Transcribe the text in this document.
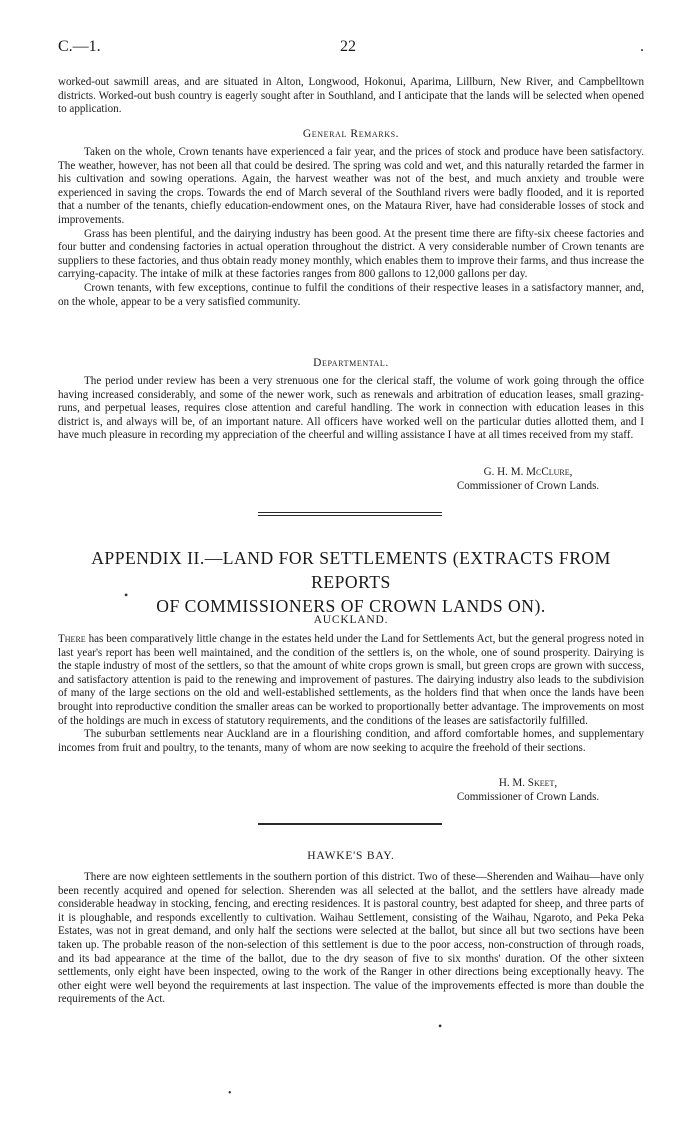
C.—1.	22	.

worked-out sawmill areas, and are situated in Alton, Longwood, Hokonui, Aparima, Lillburn, New River, and Campbelltown districts. Worked-out bush country is eagerly sought after in Southland, and I anticipate that the lands will be selected when opened to application.

General Remarks.

Taken on the whole, Crown tenants have experienced a fair year, and the prices of stock and produce have been satisfactory. The weather, however, has not been all that could be desired. The spring was cold and wet, and this naturally retarded the farmer in his cultivation and sowing operations. Again, the harvest weather was not of the best, and much anxiety and trouble were experienced in saving the crops. Towards the end of March several of the Southland rivers were badly flooded, and it is reported that a number of the tenants, chiefly education-endowment ones, on the Mataura River, have had considerable losses of stock and improvements.

Grass has been plentiful, and the dairying industry has been good. At the present time there are fifty-six cheese factories and four butter and condensing factories in actual operation throughout the district. A very considerable number of Crown tenants are suppliers to these factories, and thus obtain ready money monthly, which enables them to improve their farms, and thus increase the carrying-capacity. The intake of milk at these factories ranges from 800 gallons to 12,000 gallons per day.

Crown tenants, with few exceptions, continue to fulfil the conditions of their respective leases in a satisfactory manner, and, on the whole, appear to be a very satisfied community.

Departmental.

The period under review has been a very strenuous one for the clerical staff, the volume of work going through the office having increased considerably, and some of the newer work, such as renewals and arbitration of education leases, small grazing-runs, and perpetual leases, requires close attention and careful handling. The work in connection with education leases in this district is, and always will be, of an important nature. All officers have worked well on the particular duties allotted them, and I have much pleasure in recording my appreciation of the cheerful and willing assistance I have at all times received from my staff.

G. H. M. McClure,
Commissioner of Crown Lands.
APPENDIX II.—LAND FOR SETTLEMENTS (EXTRACTS FROM REPORTS
OF COMMISSIONERS OF CROWN LANDS ON).
•
AUCKLAND.

There has been comparatively little change in the estates held under the Land for Settlements Act, but the general progress noted in last year's report has been well maintained, and the condition of the settlers is, on the whole, one of sound prosperity. Dairying is the staple industry of most of the settlers, so that the amount of white crops grown is small, but green crops are grown with success, and satisfactory attention is paid to the renewing and improvement of pastures. The dairying industry also leads to the subdivision of many of the large sections on the old and well-established settlements, as the holders find that when once the lands have been brought into reproductive condition the smaller areas can be worked to proportionally better advantage. The improvements on most of the holdings are much in excess of statutory requirements, and the conditions of the leases are satisfactorily fulfilled.

The suburban settlements near Auckland are in a flourishing condition, and afford comfortable homes, and supplementary incomes from fruit and poultry, to the tenants, many of whom are now seeking to acquire the freehold of their sections.

H. M. Skeet,
Commissioner of Crown Lands.
HAWKE'S BAY.

There are now eighteen settlements in the southern portion of this district. Two of these—Sherenden and Waihau—have only been recently acquired and opened for selection. Sherenden was all selected at the ballot, and the settlers have already made considerable headway in stocking, fencing, and erecting residences. It is pastoral country, best adapted for sheep, and three parts of it is ploughable, and responds excellently to cultivation. Waihau Settlement, consisting of the Waihau, Ngaroto, and Peka Peka Estates, was not in great demand, and only half the sections were selected at the ballot, but since all but two sections have been taken up. The probable reason of the non-selection of this settlement is due to the poor access, non-construction of through roads, and its bad appearance at the time of the ballot, due to the dry season of five to six months' duration. Of the other sixteen settlements, only eight have been inspected, owing to the work of the Ranger in other directions being exceptionally heavy. The other eight were well beyond the requirements at last inspection. The value of the improvements effected is more than double the requirements of the Act.

•
•
